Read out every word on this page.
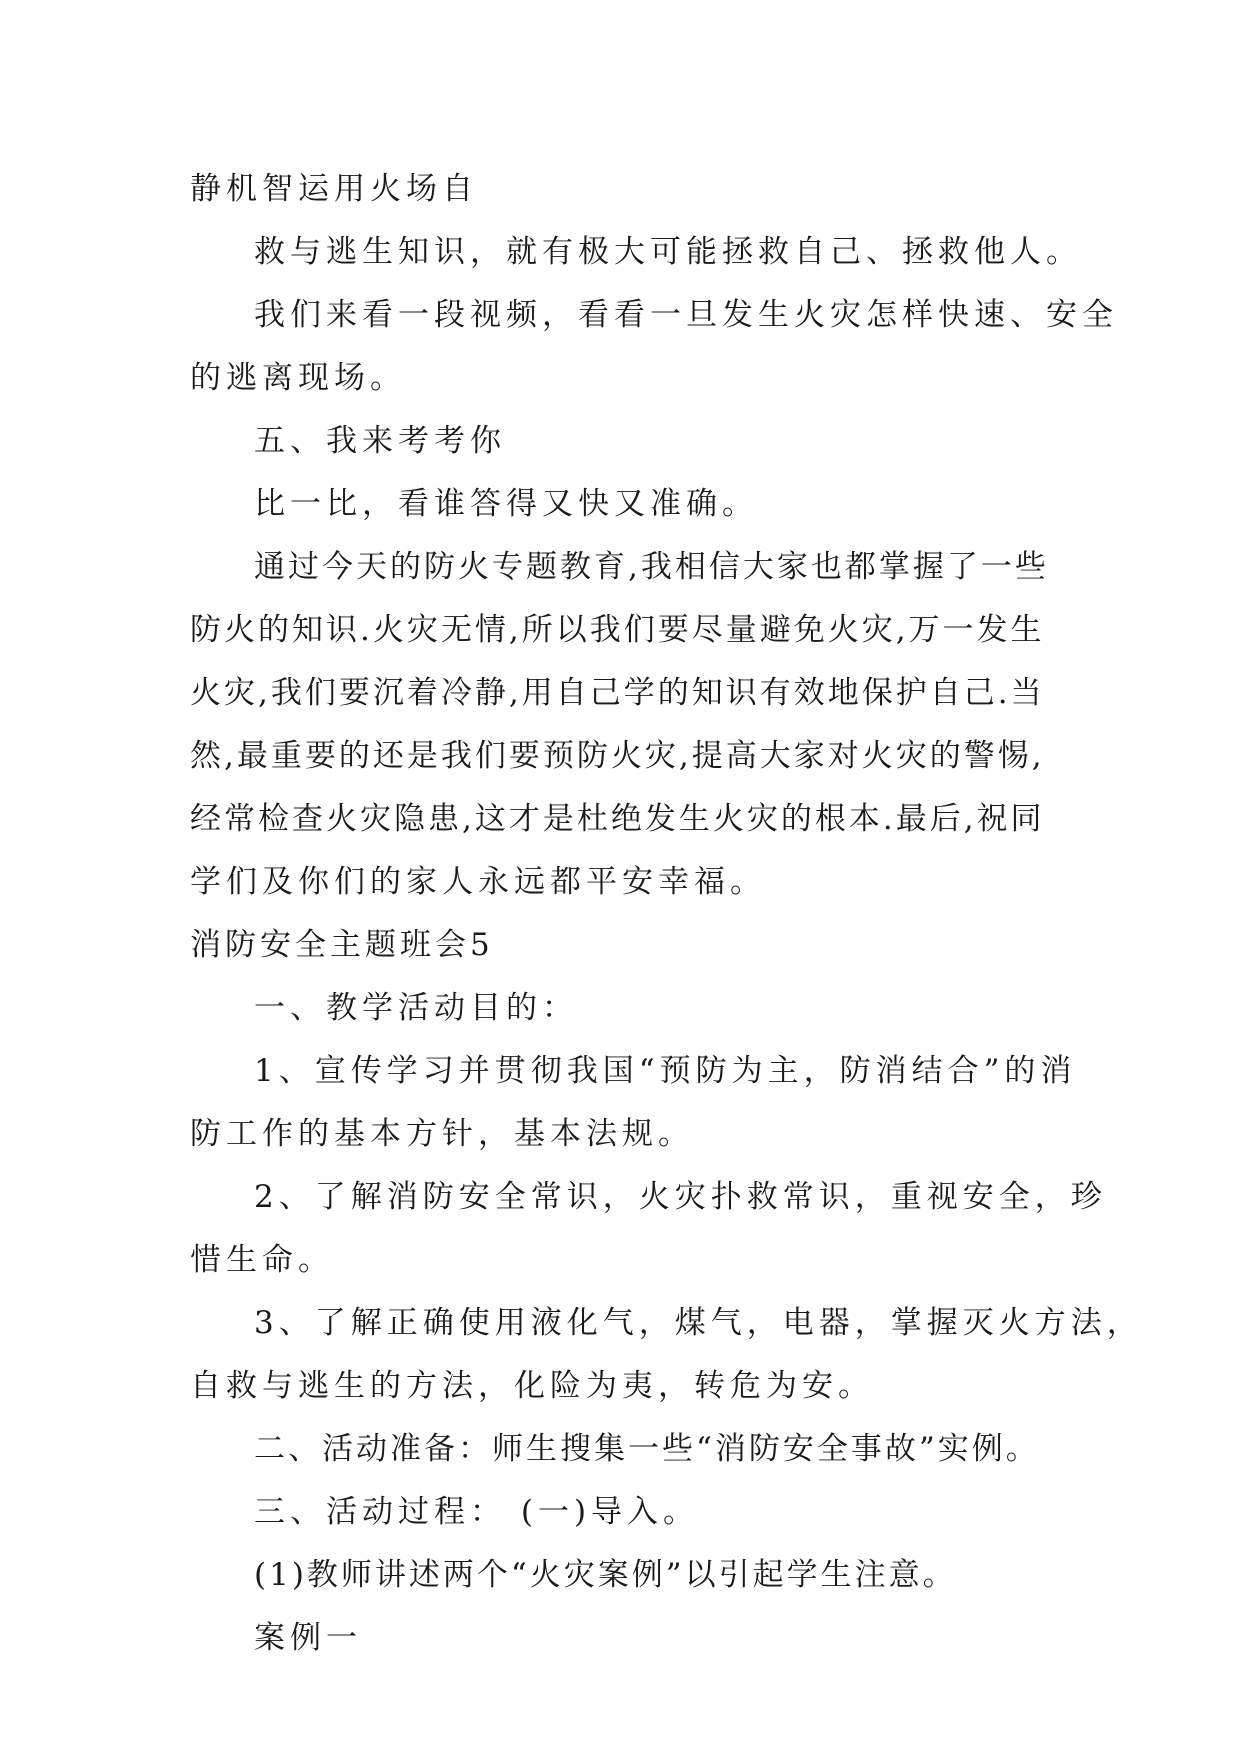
静机智运用火场自
救与逃生知识，就有极大可能拯救自己、拯救他人。
我们来看一段视频，看看一旦发生火灾怎样快速、安全
的逃离现场。
五、我来考考你
比一比，看谁答得又快又准确。
通过今天的防火专题教育,我相信大家也都掌握了一些
防火的知识.火灾无情,所以我们要尽量避免火灾,万一发生
火灾,我们要沉着冷静,用自己学的知识有效地保护自己.当
然,最重要的还是我们要预防火灾,提高大家对火灾的警惕,
经常检查火灾隐患,这才是杜绝发生火灾的根本.最后,祝同
学们及你们的家人永远都平安幸福。
消防安全主题班会5
一、教学活动目的：
1、宣传学习并贯彻我国“预防为主，防消结合”的消
防工作的基本方针，基本法规。
2、了解消防安全常识，火灾扑救常识，重视安全，珍
惜生命。
3、了解正确使用液化气，煤气，电器，掌握灭火方法，
自救与逃生的方法，化险为夷，转危为安。
二、活动准备：师生搜集一些“消防安全事故”实例。
三、活动过程： (一)导入。
(1)教师讲述两个“火灾案例”以引起学生注意。
案例一
